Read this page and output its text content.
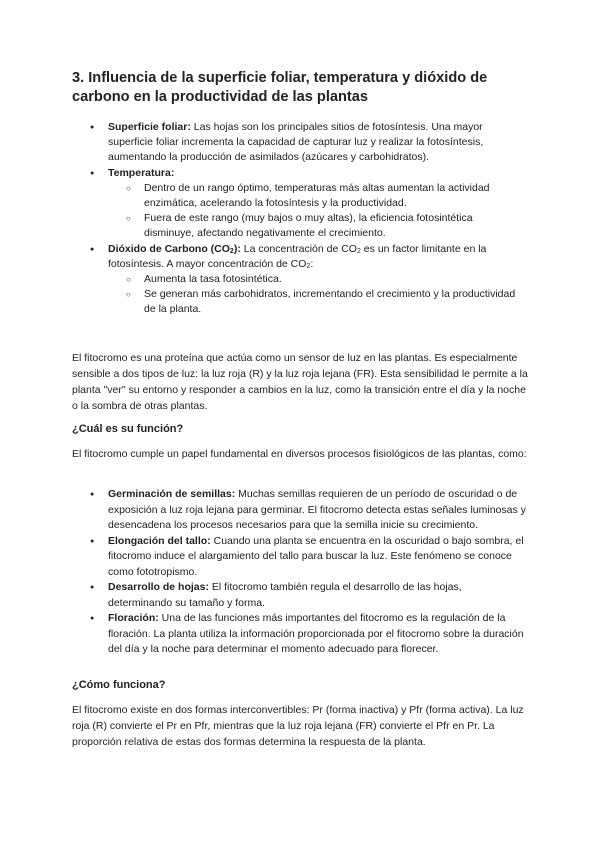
3. Influencia de la superficie foliar, temperatura y dióxido de carbono en la productividad de las plantas
● Superficie foliar: Las hojas son los principales sitios de fotosíntesis. Una mayor superficie foliar incrementa la capacidad de capturar luz y realizar la fotosíntesis, aumentando la producción de asimilados (azúcares y carbohidratos).
● Temperatura:
○ Dentro de un rango óptimo, temperaturas más altas aumentan la actividad enzimática, acelerando la fotosíntesis y la productividad.
○ Fuera de este rango (muy bajos o muy altas), la eficiencia fotosintética disminuye, afectando negativamente el crecimiento.
● Dióxido de Carbono $(CO_2)$: La concentración de $CO_2$ es un factor limitante en la fotosíntesis. A mayor concentración de $CO_2$:
○ Aumenta la tasa fotosintética.
○ Se generan más carbohidratos, incrementando el crecimiento y la productividad de la planta.

El fitocromo es una proteína que actúa como un sensor de luz en las plantas. Es especialmente sensible a dos tipos de luz: la luz roja (R) y la luz roja lejana (FR). Esta sensibilidad le permite a la planta "ver" su entorno y responder a cambios en la luz, como la transición entre el día y la noche o la sombra de otras plantas.

¿Cuál es su función?

El fitocromo cumple un papel fundamental en diversos procesos fisiológicos de las plantas, como:

● Germinación de semillas: Muchas semillas requieren de un período de oscuridad o de exposición a luz roja lejana para germinar. El fitocromo detecta estas señales luminosas y desencadena los procesos necesarios para que la semilla inicie su crecimiento.
● Elongación del tallo: Cuando una planta se encuentra en la oscuridad o bajo sombra, el fitocromo induce el alargamiento del tallo para buscar la luz. Este fenómeno se conoce como fototropismo.
● Desarrollo de hojas: El fitocromo también regula el desarrollo de las hojas, determinando su tamaño y forma.
● Floración: Una de las funciones más importantes del fitocromo es la regulación de la floración. La planta utiliza la información proporcionada por el fitocromo sobre la duración del día y la noche para determinar el momento adecuado para florecer.
¿Cómo funciona?

El fitocromo existe en dos formas interconvertibles: Pr (forma inactiva) y Pfr (forma activa). La luz roja (R) convierte el Pr en Pfr, mientras que la luz roja lejana (FR) convierte el Pfr en Pr. La proporción relativa de estas dos formas determina la respuesta de la planta.
